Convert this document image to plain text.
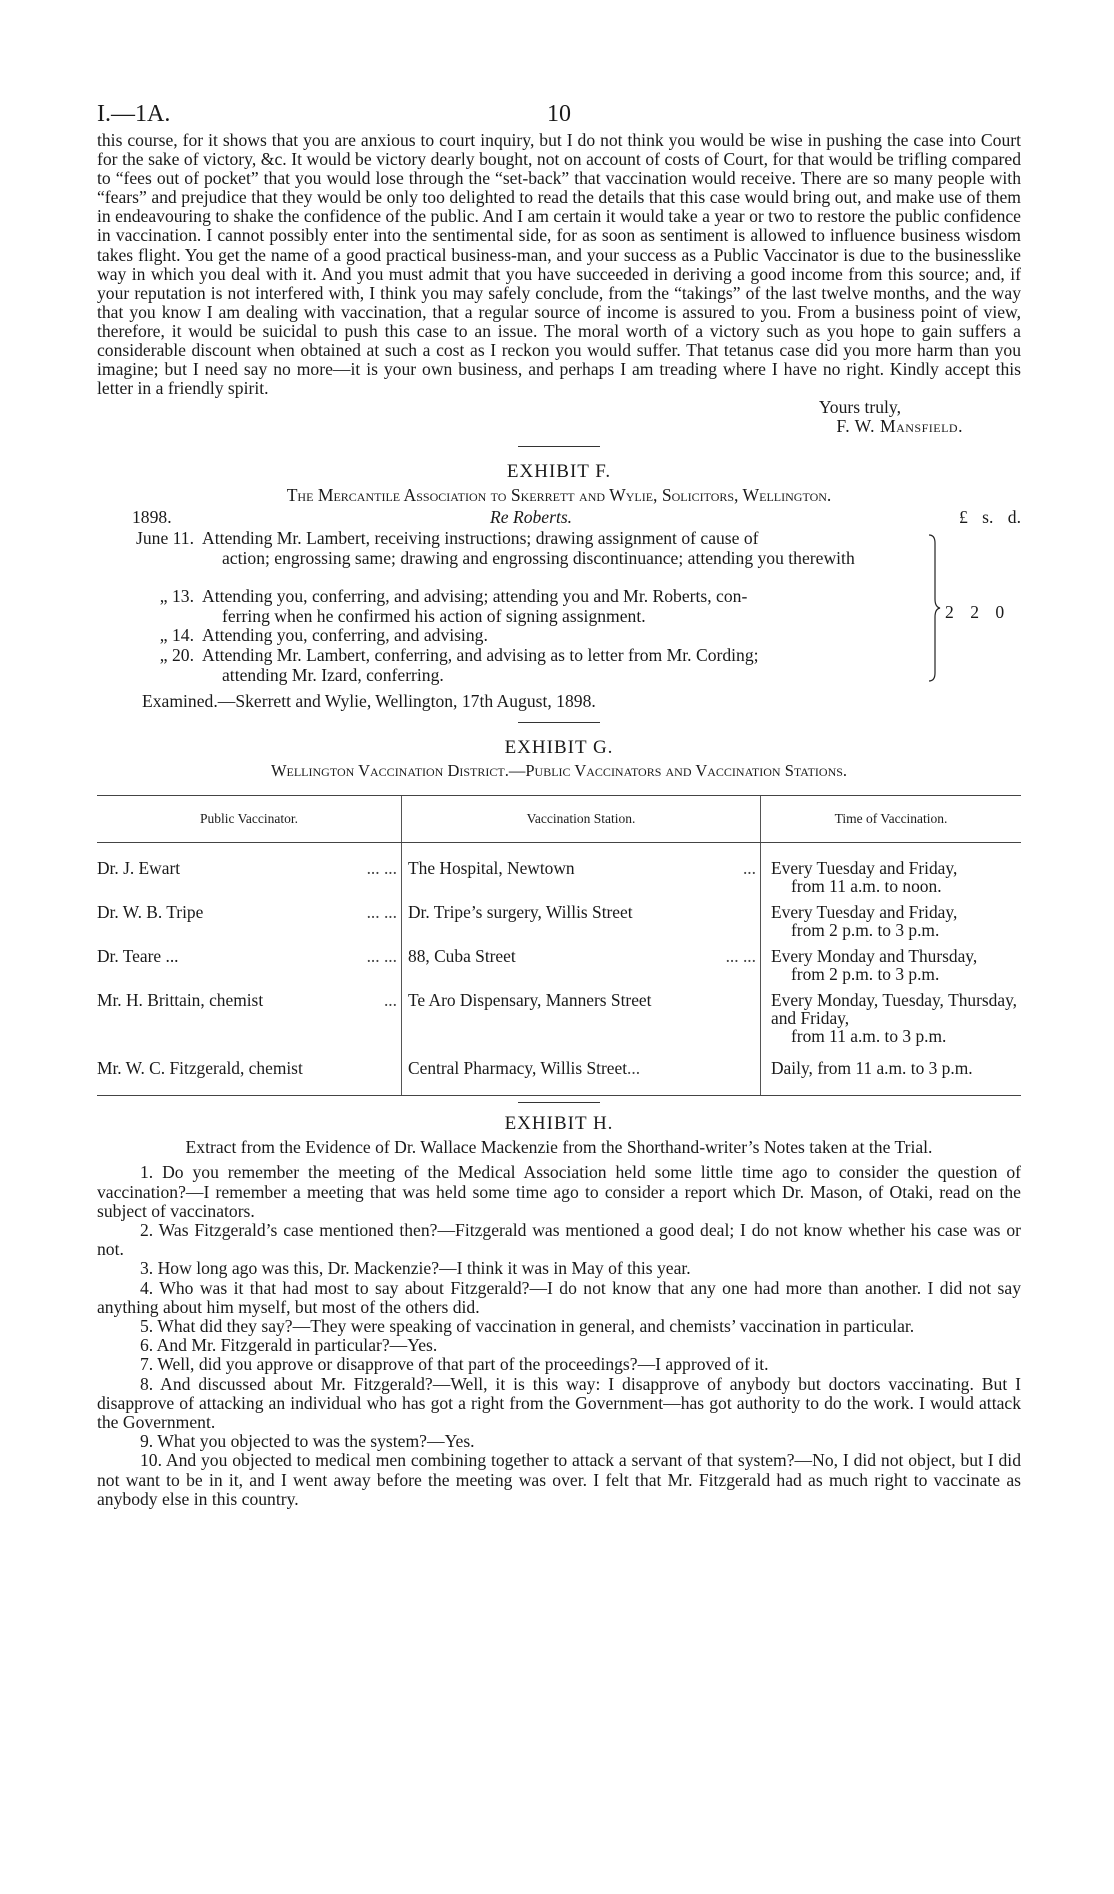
I.—1A.	10

this course, for it shows that you are anxious to court inquiry, but I do not think you would be wise in pushing the case into Court for the sake of victory, &c. It would be victory dearly bought, not on account of costs of Court, for that would be trifling compared to “fees out of pocket” that you would lose through the “set-back” that vaccination would receive. There are so many people with “fears” and prejudice that they would be only too delighted to read the details that this case would bring out, and make use of them in endeavouring to shake the confidence of the public. And I am certain it would take a year or two to restore the public confidence in vaccination. I cannot possibly enter into the sentimental side, for as soon as sentiment is allowed to influence business wisdom takes flight. You get the name of a good practical business-man, and your success as a Public Vaccinator is due to the businesslike way in which you deal with it. And you must admit that you have succeeded in deriving a good income from this source; and, if your reputation is not interfered with, I think you may safely conclude, from the “takings” of the last twelve months, and the way that you know I am dealing with vaccination, that a regular source of income is assured to you. From a business point of view, therefore, it would be suicidal to push this case to an issue. The moral worth of a victory such as you hope to gain suffers a considerable discount when obtained at such a cost as I reckon you would suffer. That tetanus case did you more harm than you imagine; but I need say no more—it is your own business, and perhaps I am treading where I have no right. Kindly accept this letter in a friendly spirit.

Yours truly,
F. W. Mansfield.
EXHIBIT F.
The Mercantile Association to Skerrett and Wylie, Solicitors, Wellington.
1898.	Re Roberts.	£ s. d.
June 11. Attending Mr. Lambert, receiving instructions; drawing assignment of cause of
action; engrossing same; drawing and engrossing discontinuance; attending you therewith
„ 13. Attending you, conferring, and advising; attending you and Mr. Roberts, con-
ferring when he confirmed his action of signing assignment.
„ 14. Attending you, conferring, and advising.
„ 20. Attending Mr. Lambert, conferring, and advising as to letter from Mr. Cording;
attending Mr. Izard, conferring.
2 2 0
Examined.—Skerrett and Wylie, Wellington, 17th August, 1898.
EXHIBIT G.
Wellington Vaccination District.—Public Vaccinators and Vaccination Stations.
Public Vaccinator.	Vaccination Station.	Time of Vaccination.
Dr. J. Ewart ... ...	The Hospital, Newtown ...	Every Tuesday and Friday,
from 11 a.m. to noon.

Dr. W. B. Tripe ... ...	Dr. Tripe’s surgery, Willis Street	Every Tuesday and Friday,
from 2 p.m. to 3 p.m.

Dr. Teare ... ... ...	88, Cuba Street ... ...	Every Monday and Thursday,
from 2 p.m. to 3 p.m.

Mr. H. Brittain, chemist ...	Te Aro Dispensary, Manners Street	Every Monday, Tuesday, Thursday, and Friday,
from 11 a.m. to 3 p.m.

Mr. W. C. Fitzgerald, chemist	Central Pharmacy, Willis Street...	Daily, from 11 a.m. to 3 p.m.
EXHIBIT H.
Extract from the Evidence of Dr. Wallace Mackenzie from the Shorthand-writer’s Notes taken at the Trial.

1. Do you remember the meeting of the Medical Association held some little time ago to consider the question of vaccination?—I remember a meeting that was held some time ago to consider a report which Dr. Mason, of Otaki, read on the subject of vaccinators.

2. Was Fitzgerald’s case mentioned then?—Fitzgerald was mentioned a good deal; I do not know whether his case was or not.

3. How long ago was this, Dr. Mackenzie?—I think it was in May of this year.

4. Who was it that had most to say about Fitzgerald?—I do not know that any one had more than another. I did not say anything about him myself, but most of the others did.

5. What did they say?—They were speaking of vaccination in general, and chemists’ vaccination in particular.

6. And Mr. Fitzgerald in particular?—Yes.

7. Well, did you approve or disapprove of that part of the proceedings?—I approved of it.

8. And discussed about Mr. Fitzgerald?—Well, it is this way: I disapprove of anybody but doctors vaccinating. But I disapprove of attacking an individual who has got a right from the Government—has got authority to do the work. I would attack the Government.

9. What you objected to was the system?—Yes.

10. And you objected to medical men combining together to attack a servant of that system?—No, I did not object, but I did not want to be in it, and I went away before the meeting was over. I felt that Mr. Fitzgerald had as much right to vaccinate as anybody else in this country.
